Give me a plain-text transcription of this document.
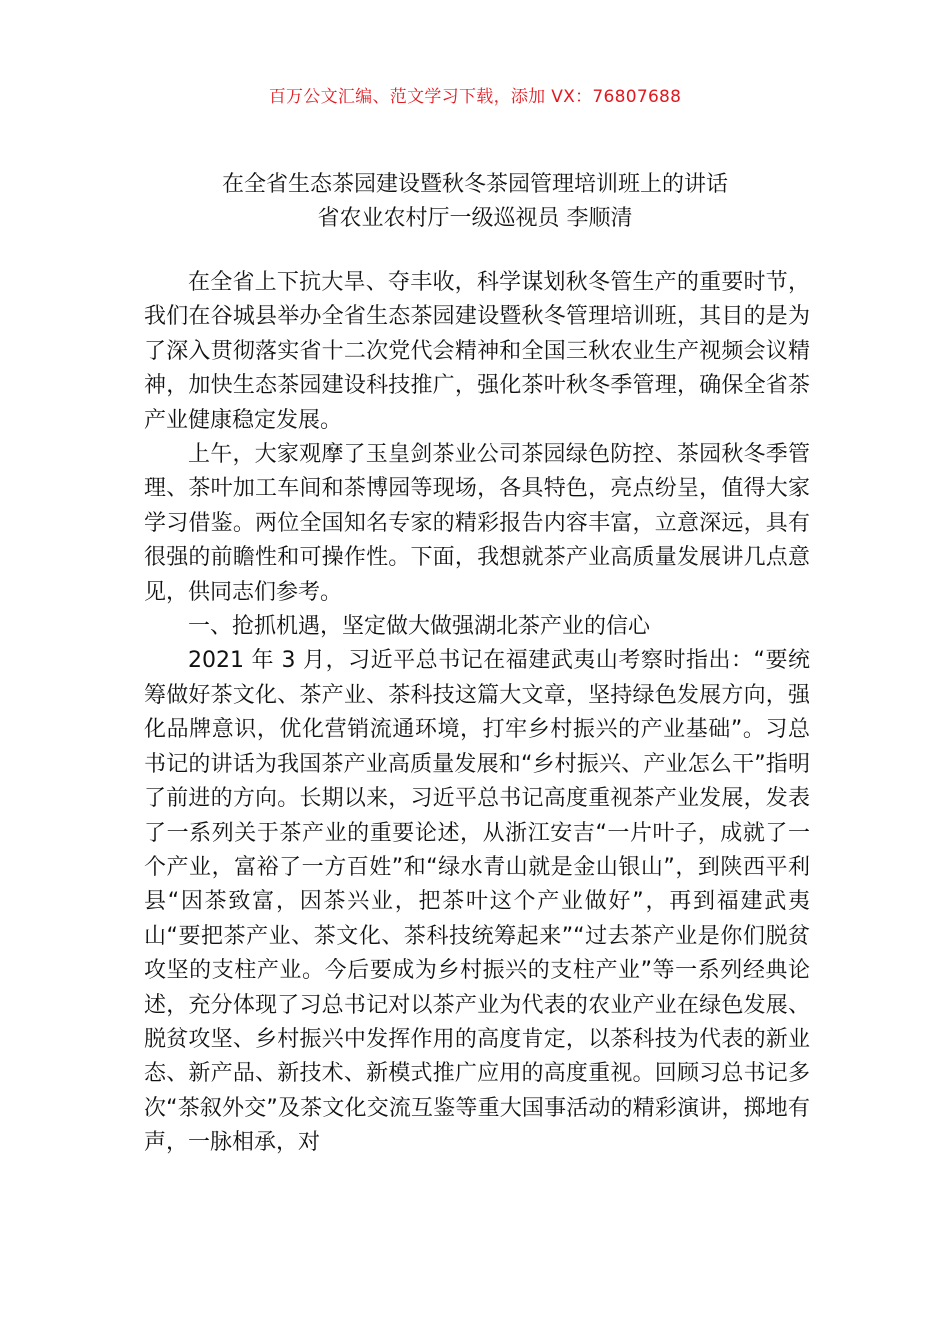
百万公文汇编、范文学习下载，添加 VX：76807688
在全省生态茶园建设暨秋冬茶园管理培训班上的讲话
省农业农村厅一级巡视员 李顺清

在全省上下抗大旱、夺丰收，科学谋划秋冬管生产的重要时节，我们在谷城县举办全省生态茶园建设暨秋冬管理培训班，其目的是为了深入贯彻落实省十二次党代会精神和全国三秋农业生产视频会议精神，加快生态茶园建设科技推广，强化茶叶秋冬季管理，确保全省茶产业健康稳定发展。

上午，大家观摩了玉皇剑茶业公司茶园绿色防控、茶园秋冬季管理、茶叶加工车间和茶博园等现场，各具特色，亮点纷呈，值得大家学习借鉴。两位全国知名专家的精彩报告内容丰富，立意深远，具有很强的前瞻性和可操作性。下面，我想就茶产业高质量发展讲几点意见，供同志们参考。

一、抢抓机遇，坚定做大做强湖北茶产业的信心

2021 年 3 月，习近平总书记在福建武夷山考察时指出：“要统筹做好茶文化、茶产业、茶科技这篇大文章，坚持绿色发展方向，强化品牌意识，优化营销流通环境，打牢乡村振兴的产业基础”。习总书记的讲话为我国茶产业高质量发展和“乡村振兴、产业怎么干”指明了前进的方向。长期以来，习近平总书记高度重视茶产业发展，发表了一系列关于茶产业的重要论述，从浙江安吉“一片叶子，成就了一个产业，富裕了一方百姓”和“绿水青山就是金山银山”，到陕西平利县“因茶致富，因茶兴业，把茶叶这个产业做好”，再到福建武夷山“要把茶产业、茶文化、茶科技统筹起来”“过去茶产业是你们脱贫攻坚的支柱产业。今后要成为乡村振兴的支柱产业”等一系列经典论述，充分体现了习总书记对以茶产业为代表的农业产业在绿色发展、脱贫攻坚、乡村振兴中发挥作用的高度肯定，以茶科技为代表的新业态、新产品、新技术、新模式推广应用的高度重视。回顾习总书记多次“茶叙外交”及茶文化交流互鉴等重大国事活动的精彩演讲，掷地有声，一脉相承，对
